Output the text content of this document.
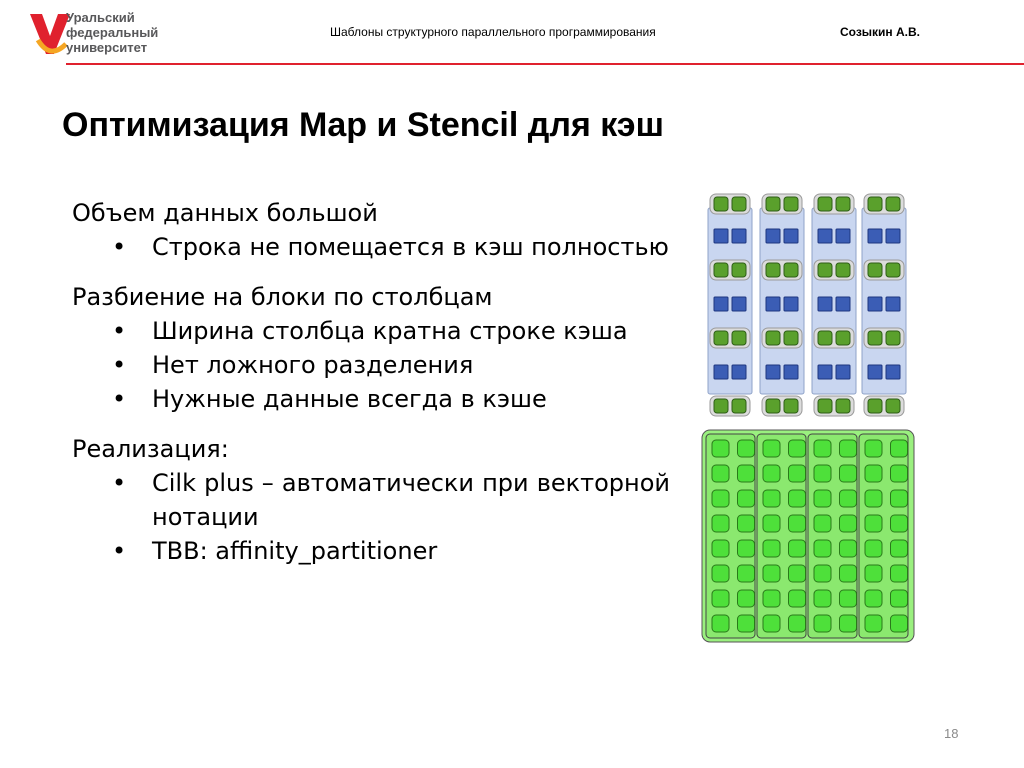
Уральский
федеральный
университет
Шаблоны структурного параллельного программирования	Созыкин А.В.
Оптимизация Map и Stencil для кэш
Объем данных большой
• Строка не помещается в кэш полностью
Разбиение на блоки по столбцам
• Ширина столбца кратна строке кэша
• Нет ложного разделения
• Нужные данные всегда в кэше
Реализация:
• Cilk plus – автоматически при векторной нотации
• TBB: affinity_partitioner
18
